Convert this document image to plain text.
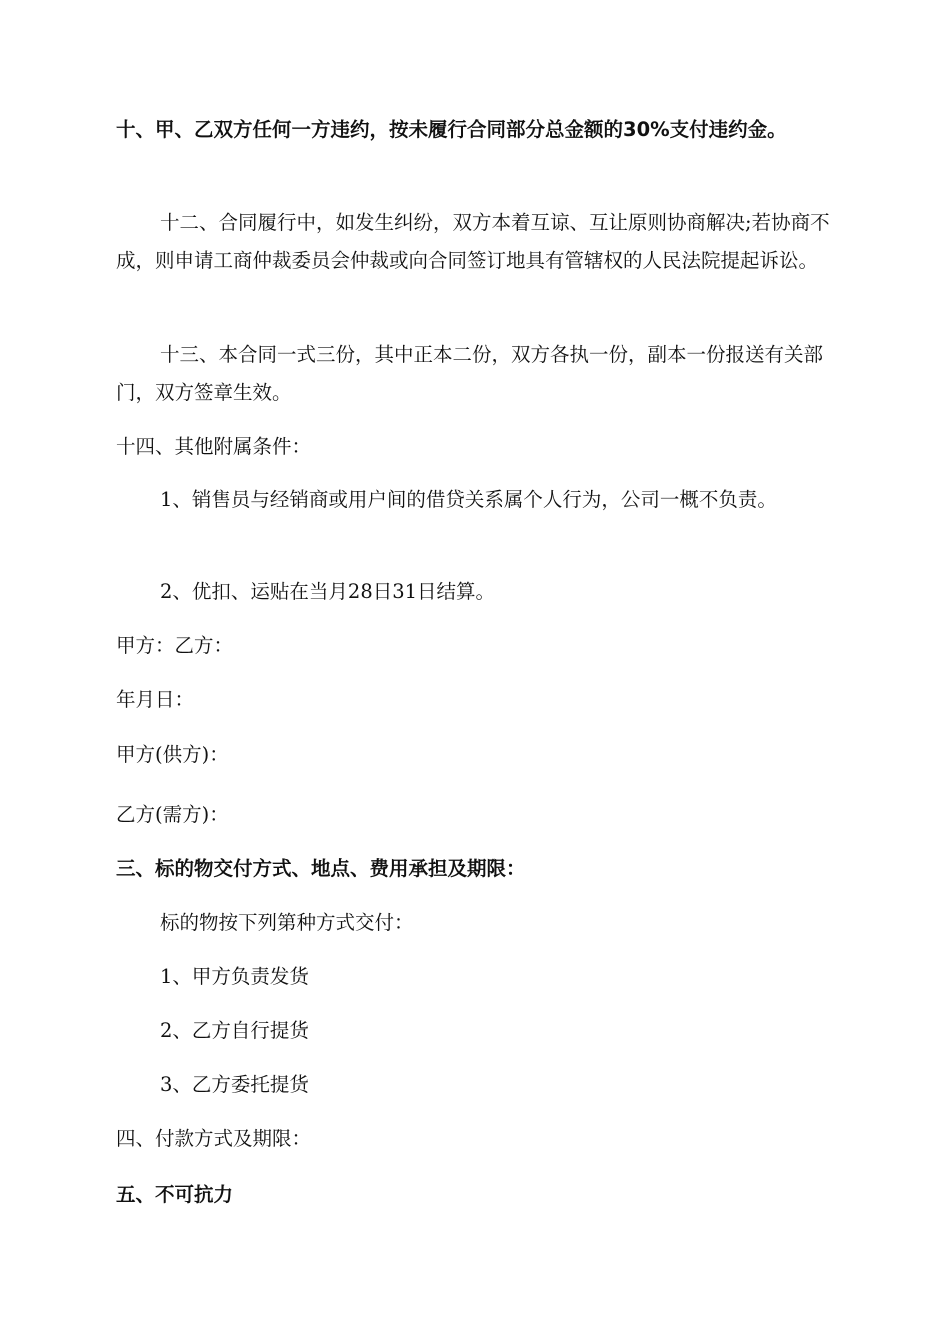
十、甲、乙双方任何一方违约，按未履行合同部分总金额的30%支付违约金。

十二、合同履行中，如发生纠纷，双方本着互谅、互让原则协商解决;若协商不成，则申请工商仲裁委员会仲裁或向合同签订地具有管辖权的人民法院提起诉讼。

十三、本合同一式三份，其中正本二份，双方各执一份，副本一份报送有关部门，双方签章生效。

十四、其他附属条件：

1、销售员与经销商或用户间的借贷关系属个人行为，公司一概不负责。

2、优扣、运贴在当月28日31日结算。

甲方：乙方：

年月日：

甲方(供方)：

乙方(需方)：

三、标的物交付方式、地点、费用承担及期限：

标的物按下列第种方式交付：

1、甲方负责发货

2、乙方自行提货

3、乙方委托提货

四、付款方式及期限：

五、不可抗力
